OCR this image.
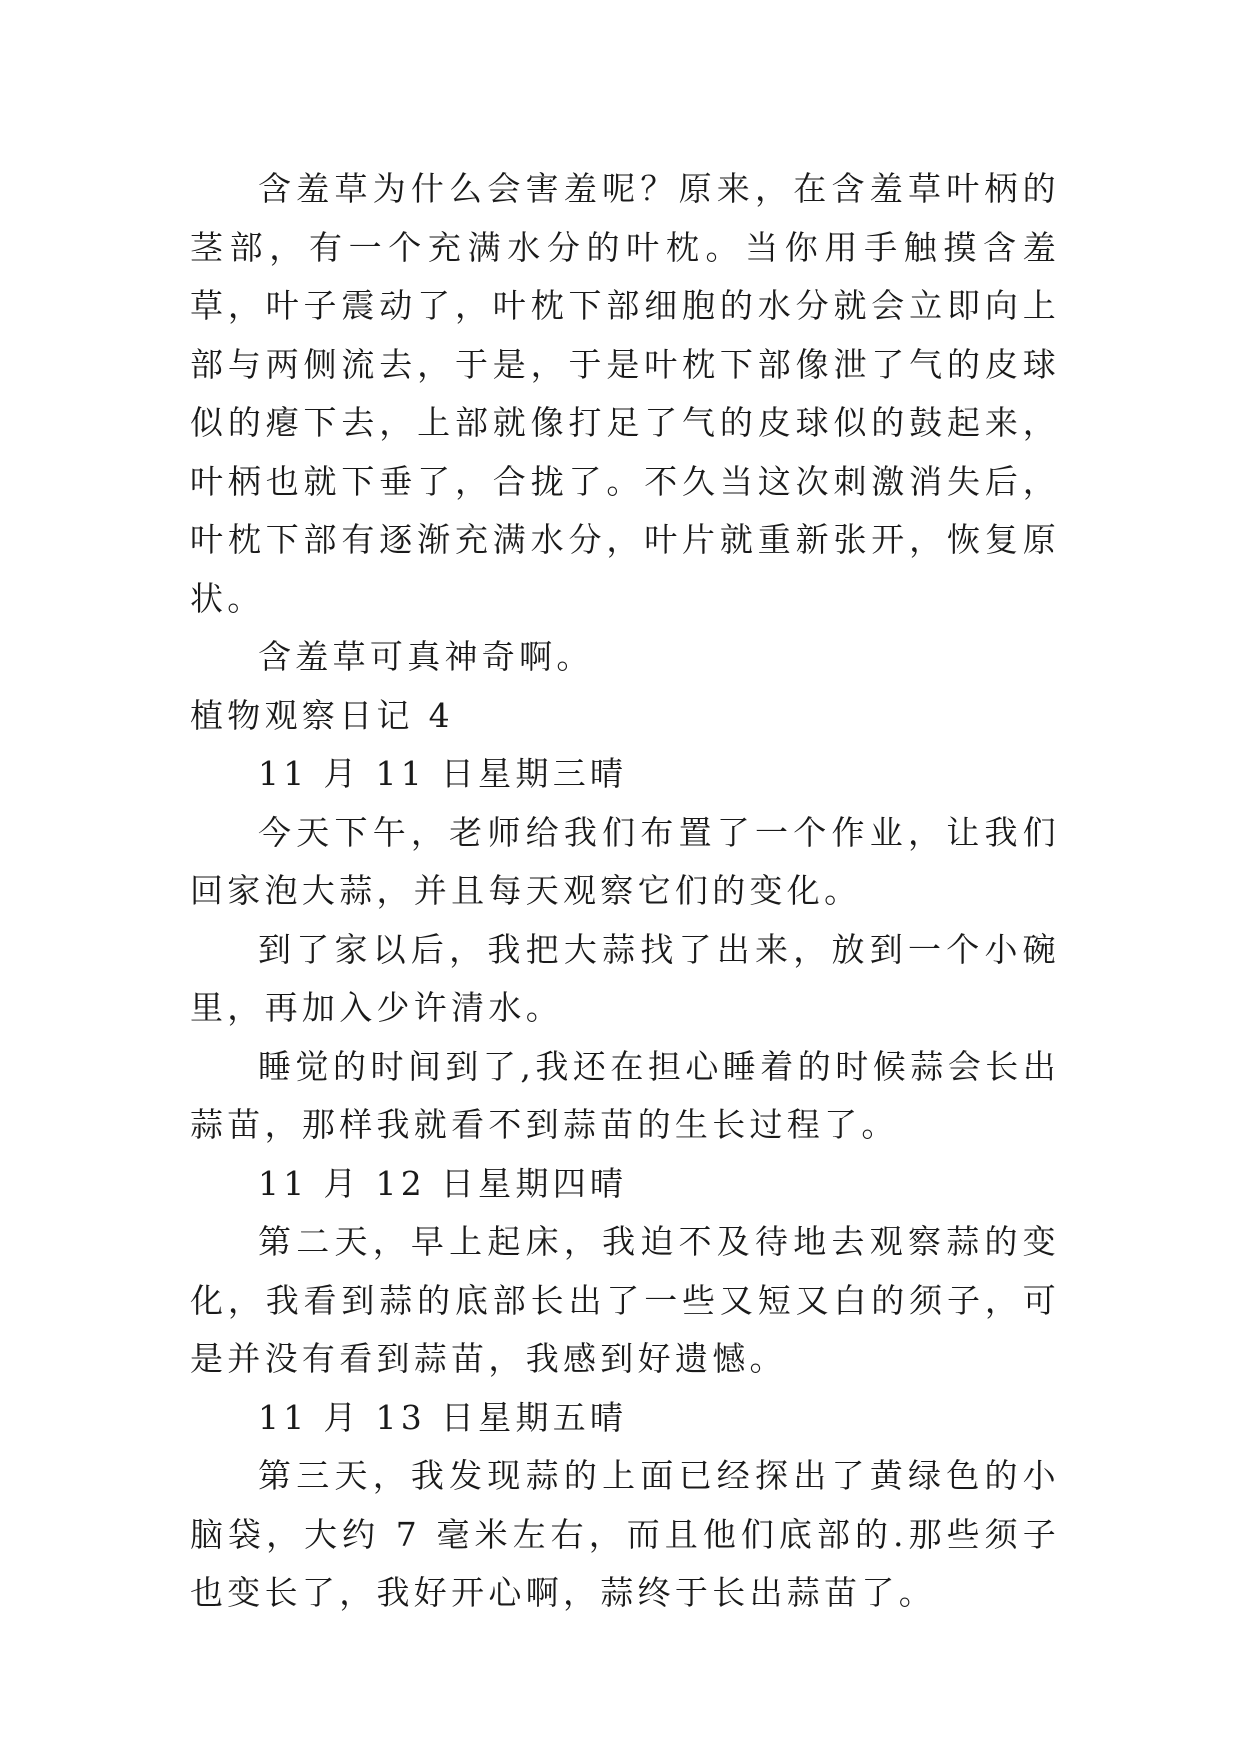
含羞草为什么会害羞呢？原来，在含羞草叶柄的茎部，有一个充满水分的叶枕。当你用手触摸含羞草，叶子震动了，叶枕下部细胞的水分就会立即向上部与两侧流去，于是，于是叶枕下部像泄了气的皮球似的瘪下去，上部就像打足了气的皮球似的鼓起来，叶柄也就下垂了，合拢了。不久当这次刺激消失后，叶枕下部有逐渐充满水分，叶片就重新张开，恢复原状。

含羞草可真神奇啊。

植物观察日记 4

11 月 11 日星期三晴

今天下午，老师给我们布置了一个作业，让我们回家泡大蒜，并且每天观察它们的变化。

到了家以后，我把大蒜找了出来，放到一个小碗里，再加入少许清水。

睡觉的时间到了,我还在担心睡着的时候蒜会长出蒜苗，那样我就看不到蒜苗的生长过程了。

11 月 12 日星期四晴

第二天，早上起床，我迫不及待地去观察蒜的变化，我看到蒜的底部长出了一些又短又白的须子，可是并没有看到蒜苗，我感到好遗憾。

11 月 13 日星期五晴

第三天，我发现蒜的上面已经探出了黄绿色的小脑袋，大约 7 毫米左右，而且他们底部的.那些须子也变长了，我好开心啊，蒜终于长出蒜苗了。
